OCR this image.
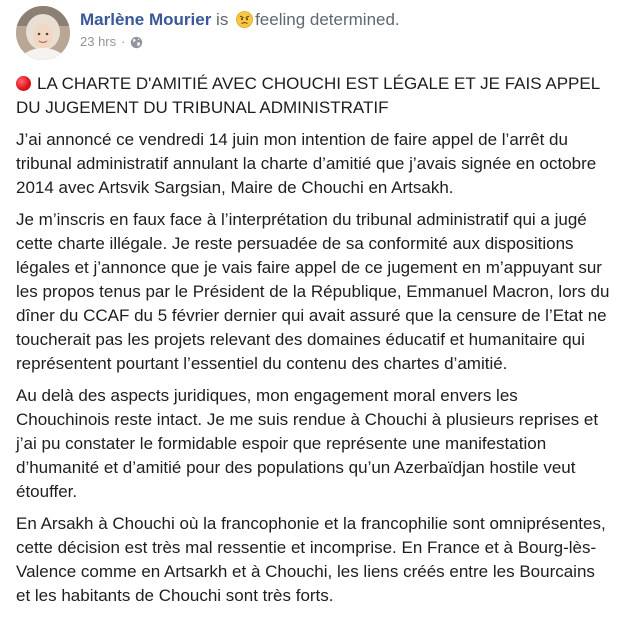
Marlène Mourier is feeling determined.
23 hrs ·

LA CHARTE D'AMITIÉ AVEC CHOUCHI EST LÉGALE ET JE FAIS APPEL DU JUGEMENT DU TRIBUNAL ADMINISTRATIF

J’ai annoncé ce vendredi 14 juin mon intention de faire appel de l’arrêt du tribunal administratif annulant la charte d’amitié que j’avais signée en octobre 2014 avec Artsvik Sargsian, Maire de Chouchi en Artsakh.

Je m’inscris en faux face à l’interprétation du tribunal administratif qui a jugé cette charte illégale. Je reste persuadée de sa conformité aux dispositions légales et j’annonce que je vais faire appel de ce jugement en m’appuyant sur les propos tenus par le Président de la République, Emmanuel Macron, lors du dîner du CCAF du 5 février dernier qui avait assuré que la censure de l’Etat ne toucherait pas les projets relevant des domaines éducatif et humanitaire qui représentent pourtant l’essentiel du contenu des chartes d’amitié.

Au delà des aspects juridiques, mon engagement moral envers les Chouchinois reste intact. Je me suis rendue à Chouchi à plusieurs reprises et j’ai pu constater le formidable espoir que représente une manifestation d’humanité et d’amitié pour des populations qu’un Azerbaïdjan hostile veut étouffer.

En Arsakh à Chouchi où la francophonie et la francophilie sont omniprésentes, cette décision est très mal ressentie et incomprise. En France et à Bourg-lès-Valence comme en Artsarkh et à Chouchi, les liens créés entre les Bourcains et les habitants de Chouchi sont très forts.
